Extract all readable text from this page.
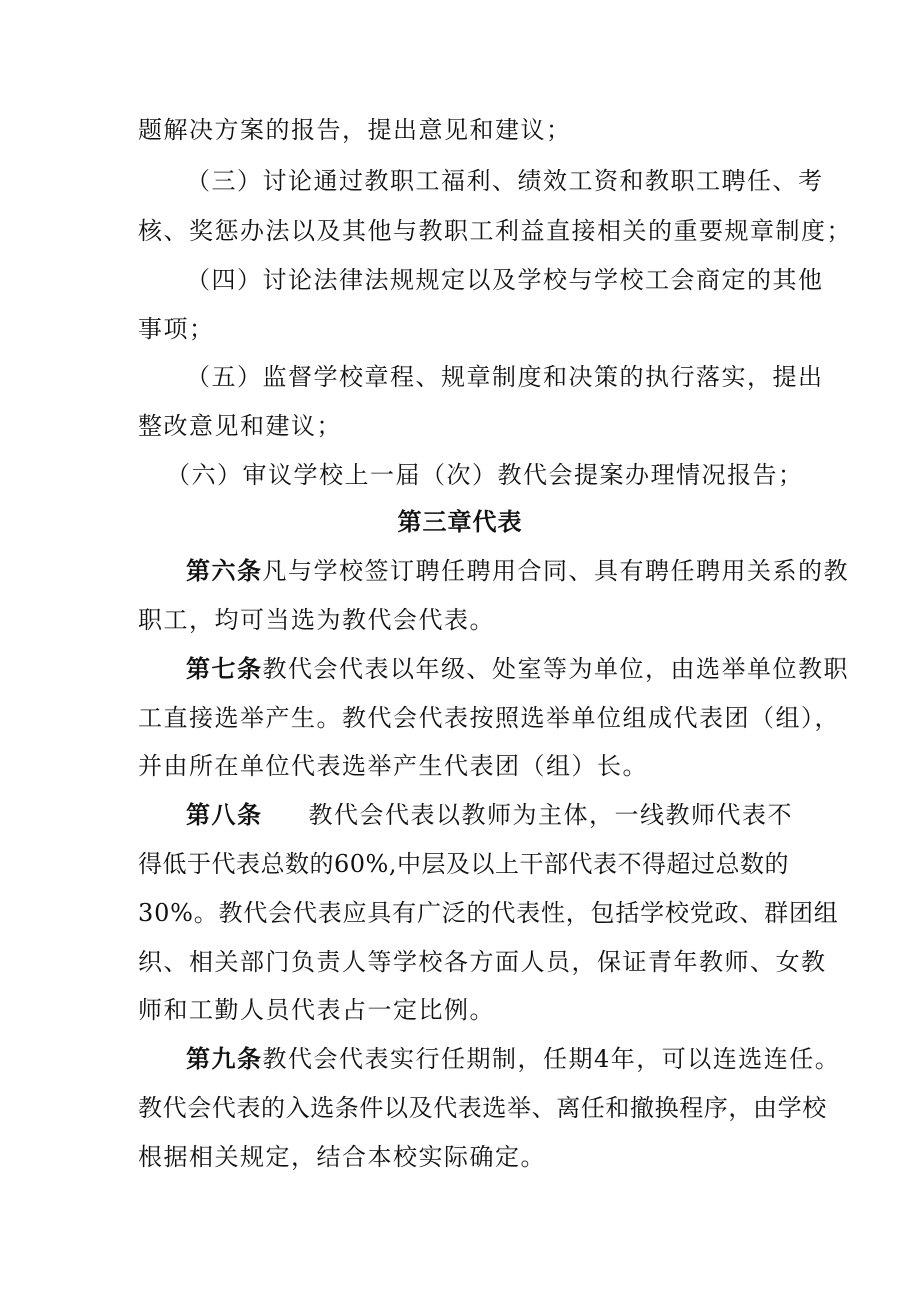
题解决方案的报告，提出意见和建议；
（三）讨论通过教职工福利、绩效工资和教职工聘任、考
核、奖惩办法以及其他与教职工利益直接相关的重要规章制度；
（四）讨论法律法规规定以及学校与学校工会商定的其他
事项；
（五）监督学校章程、规章制度和决策的执行落实，提出
整改意见和建议；
（六）审议学校上一届（次）教代会提案办理情况报告；
第三章代表
第六条凡与学校签订聘任聘用合同、具有聘任聘用关系的教
职工，均可当选为教代会代表。
第七条教代会代表以年级、处室等为单位，由选举单位教职
工直接选举产生。教代会代表按照选举单位组成代表团（组），
并由所在单位代表选举产生代表团（组）长。
第八条 教代会代表以教师为主体，一线教师代表不
得低于代表总数的60%,中层及以上干部代表不得超过总数的
30%。教代会代表应具有广泛的代表性，包括学校党政、群团组
织、相关部门负责人等学校各方面人员，保证青年教师、女教
师和工勤人员代表占一定比例。
第九条教代会代表实行任期制，任期4年，可以连选连任。
教代会代表的入选条件以及代表选举、离任和撤换程序，由学校
根据相关规定，结合本校实际确定。
